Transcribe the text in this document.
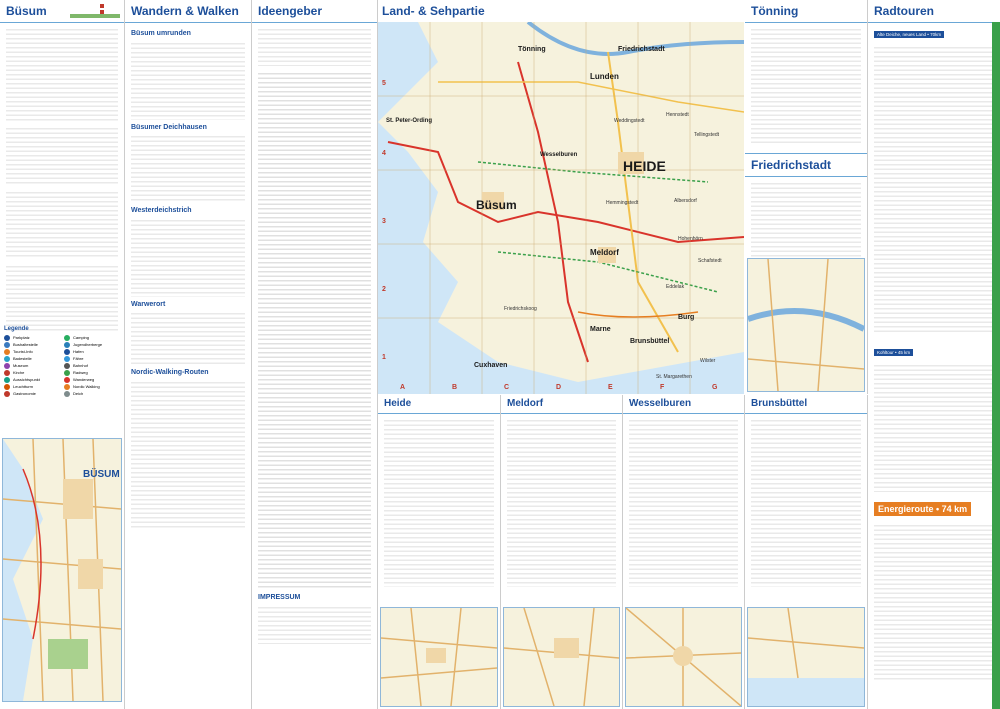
Büsum
Legende
Parkplatz
Bushaltestelle
Tourist-Info
Badestelle
Museum
Kirche
Aussichtspunkt
Leuchtturm
Gastronomie
Camping
Jugendherberge
Hafen
Fähre
Bahnhof
Radweg
Wanderweg
Nordic Walking
Deich
BÜSUM
Wandern & Walken
Büsum umrunden
Büsumer Deichhausen
Westerdeichstrich
Warwerort
Nordic-Walking-Routen
Ideengeber
IMPRESSUM
Land- & Sehpartie
5
4
3
2
1
A	B	C	D	E	F	G
HEIDE
Büsum
Meldorf
Lunden
Friedrichstadt
Tönning
St. Peter-Ording
Wesselburen
Brunsbüttel
Cuxhaven
Burg
Marne
Wilster
St. Margarethen
Albersdorf
Hemmingstedt
Weddingstedt
Hennstedt
Tellingstedt
Friedrichskoog
Eddelak
Hohenhörn
Schafstedt
Heide	Meldorf	Wesselburen	Brunsbüttel
Tönning
Friedrichstadt
Radtouren
Alte Deiche, neues Land • 70km
Kohltour • 45 km
Energieroute • 74 km
